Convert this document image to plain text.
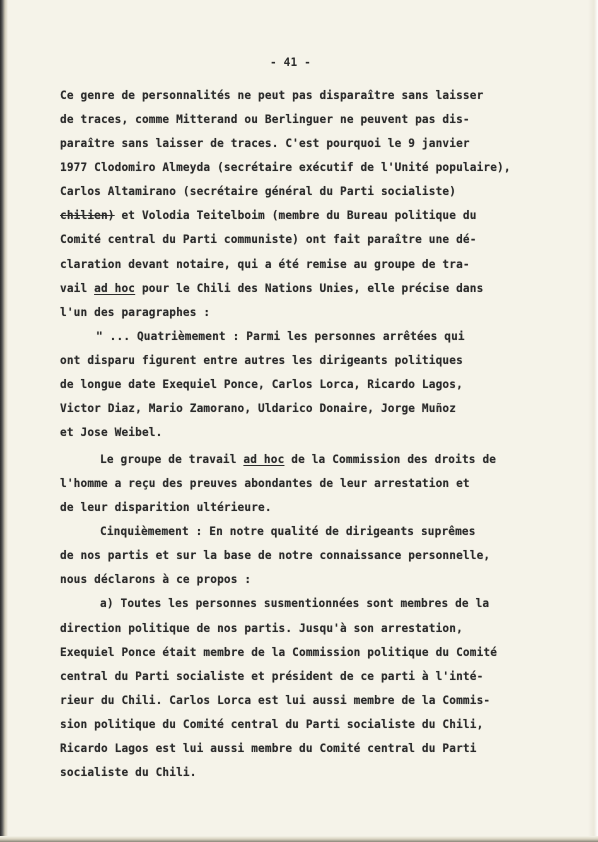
- 41 -

Ce genre de personnalités ne peut pas disparaître sans laisser

de traces, comme Mitterand ou Berlinguer ne peuvent pas dis-

paraître sans laisser de traces. C'est pourquoi le 9 janvier

1977 Clodomiro Almeyda (secrétaire exécutif de l'Unité populaire),

Carlos Altamirano (secrétaire général du Parti socialiste)

chilien) et Volodia Teitelboim (membre du Bureau politique du

Comité central du Parti communiste) ont fait paraître une dé-

claration devant notaire, qui a été remise au groupe de tra-

vail ad hoc pour le Chili des Nations Unies, elle précise dans

l'un des paragraphes :

" ... Quatrièmement : Parmi les personnes arrêtées qui

ont disparu figurent entre autres les dirigeants politiques

de longue date Exequiel Ponce, Carlos Lorca, Ricardo Lagos,

Victor Diaz, Mario Zamorano, Uldarico Donaire, Jorge Muñoz

et Jose Weibel.

Le groupe de travail ad hoc de la Commission des droits de

l'homme a reçu des preuves abondantes de leur arrestation et

de leur disparition ultérieure.

Cinquièmement : En notre qualité de dirigeants suprêmes

de nos partis et sur la base de notre connaissance personnelle,

nous déclarons à ce propos :

a) Toutes les personnes susmentionnées sont membres de la

direction politique de nos partis. Jusqu'à son arrestation,

Exequiel Ponce était membre de la Commission politique du Comité

central du Parti socialiste et président de ce parti à l'inté-

rieur du Chili. Carlos Lorca est lui aussi membre de la Commis-

sion politique du Comité central du Parti socialiste du Chili,

Ricardo Lagos est lui aussi membre du Comité central du Parti

socialiste du Chili.
